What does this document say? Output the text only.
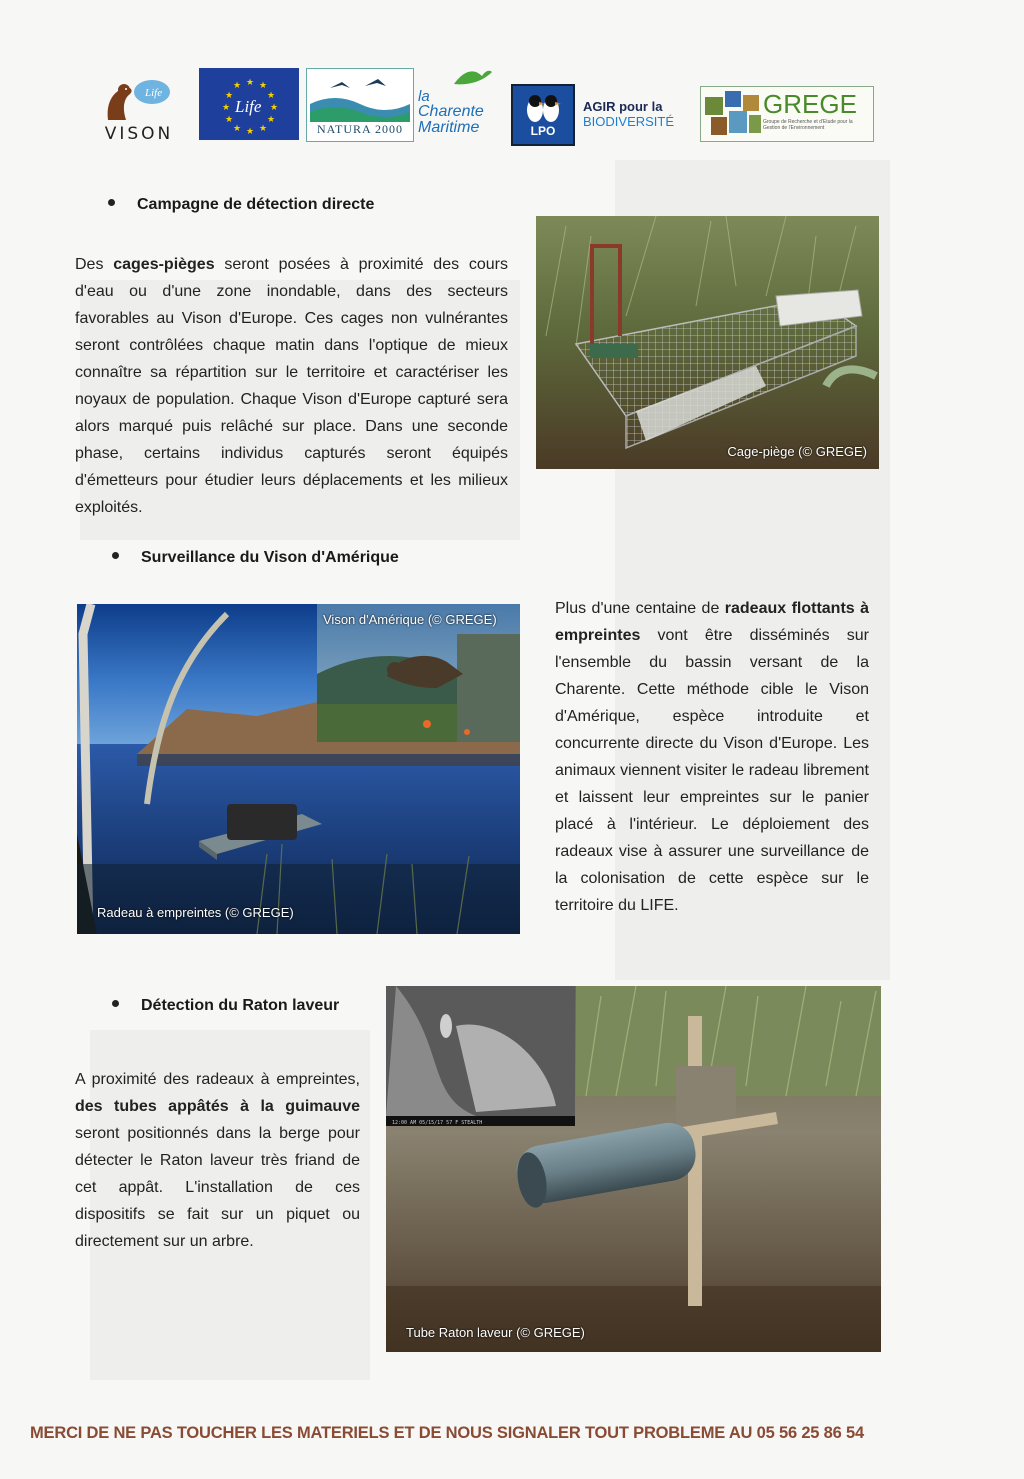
Life
VISON
★ ★
★
★
★
★
★
★
★
★
★
★
Life
NATURA 2000
la
Charente
Maritime	LPO
AGIR pour la
BIODIVERSITÉ
GREGE
Groupe de Recherche et d'Etude pour la Gestion de l'Environnement
Campagne de détection directe
Des cages-pièges seront posées à proximité des cours d'eau ou d'une zone inondable, dans des secteurs favorables au Vison d'Europe. Ces cages non vulnérantes seront contrôlées chaque matin dans l'optique de mieux connaître sa répartition sur le territoire et caractériser les noyaux de population. Chaque Vison d'Europe capturé sera alors marqué puis relâché sur place. Dans une seconde phase, certains individus capturés seront équipés d'émetteurs pour étudier leurs déplacements et les milieux exploités.
Cage-piège (© GREGE)
Surveillance du Vison d'Amérique
Vison d'Amérique (© GREGE)
Radeau à empreintes (© GREGE)
Plus d'une centaine de radeaux flottants à empreintes vont être disséminés sur l'ensemble du bassin versant de la Charente. Cette méthode cible le Vison d'Amérique, espèce introduite et concurrente directe du Vison d'Europe. Les animaux viennent visiter le radeau librement et laissent leur empreintes sur le panier placé à l'intérieur. Le déploiement des radeaux vise à assurer une surveillance de la colonisation de cette espèce sur le territoire du LIFE.
Détection du Raton laveur
A proximité des radeaux à empreintes, des tubes appâtés à la guimauve seront positionnés dans la berge pour détecter le Raton laveur très friand de cet appât. L'installation de ces dispositifs se fait sur un piquet ou directement sur un arbre.
12:00 AM 05/15/17 57 F STEALTH
Tube Raton laveur (© GREGE)
MERCI DE NE PAS TOUCHER LES MATERIELS ET DE NOUS SIGNALER TOUT PROBLEME AU 05 56 25 86 54
